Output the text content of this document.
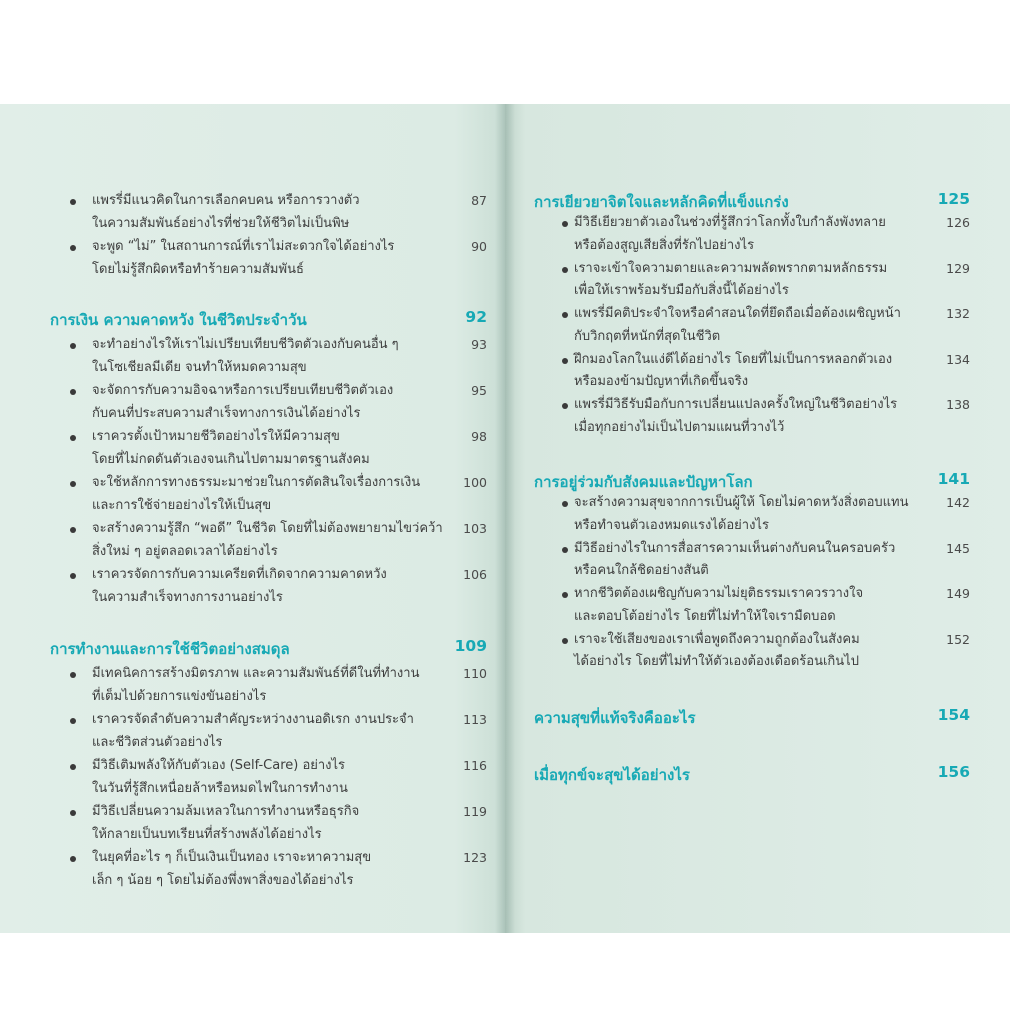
แพรรี่มีแนวคิดในการเลือกคบคน หรือการวางตัว
ในความสัมพันธ์อย่างไรที่ช่วยให้ชีวิตไม่เป็นพิษ
87
จะพูด “ไม่” ในสถานการณ์ที่เราไม่สะดวกใจได้อย่างไร
โดยไม่รู้สึกผิดหรือทำร้ายความสัมพันธ์
90
การเงิน ความคาดหวัง ในชีวิตประจำวัน	92
จะทำอย่างไรให้เราไม่เปรียบเทียบชีวิตตัวเองกับคนอื่น ๆ
ในโซเชียลมีเดีย จนทำให้หมดความสุข
93
จะจัดการกับความอิจฉาหรือการเปรียบเทียบชีวิตตัวเอง
กับคนที่ประสบความสำเร็จทางการเงินได้อย่างไร
95
เราควรตั้งเป้าหมายชีวิตอย่างไรให้มีความสุข
โดยที่ไม่กดดันตัวเองจนเกินไปตามมาตรฐานสังคม
98
จะใช้หลักการทางธรรมะมาช่วยในการตัดสินใจเรื่องการเงิน
และการใช้จ่ายอย่างไรให้เป็นสุข
100
จะสร้างความรู้สึก “พอดี” ในชีวิต โดยที่ไม่ต้องพยายามไขว่คว้า
สิ่งใหม่ ๆ อยู่ตลอดเวลาได้อย่างไร
103
เราควรจัดการกับความเครียดที่เกิดจากความคาดหวัง
ในความสำเร็จทางการงานอย่างไร
106
การทำงานและการใช้ชีวิตอย่างสมดุล	109
มีเทคนิคการสร้างมิตรภาพ และความสัมพันธ์ที่ดีในที่ทำงาน
ที่เต็มไปด้วยการแข่งขันอย่างไร
110
เราควรจัดลำดับความสำคัญระหว่างงานอดิเรก งานประจำ
และชีวิตส่วนตัวอย่างไร
113
มีวิธีเติมพลังให้กับตัวเอง (Self-Care) อย่างไร
ในวันที่รู้สึกเหนื่อยล้าหรือหมดไฟในการทำงาน
116
มีวิธีเปลี่ยนความล้มเหลวในการทำงานหรือธุรกิจ
ให้กลายเป็นบทเรียนที่สร้างพลังได้อย่างไร
119
ในยุคที่อะไร ๆ ก็เป็นเงินเป็นทอง เราจะหาความสุข
เล็ก ๆ น้อย ๆ โดยไม่ต้องพึ่งพาสิ่งของได้อย่างไร
123
การเยียวยาจิตใจและหลักคิดที่แข็งแกร่ง	125
มีวิธีเยียวยาตัวเองในช่วงที่รู้สึกว่าโลกทั้งใบกำลังพังทลาย
หรือต้องสูญเสียสิ่งที่รักไปอย่างไร
126
เราจะเข้าใจความตายและความพลัดพรากตามหลักธรรม
เพื่อให้เราพร้อมรับมือกับสิ่งนี้ได้อย่างไร
129
แพรรี่มีคติประจำใจหรือคำสอนใดที่ยึดถือเมื่อต้องเผชิญหน้า
กับวิกฤตที่หนักที่สุดในชีวิต
132
ฝึกมองโลกในแง่ดีได้อย่างไร โดยที่ไม่เป็นการหลอกตัวเอง
หรือมองข้ามปัญหาที่เกิดขึ้นจริง
134
แพรรี่มีวิธีรับมือกับการเปลี่ยนแปลงครั้งใหญ่ในชีวิตอย่างไร
เมื่อทุกอย่างไม่เป็นไปตามแผนที่วางไว้
138
การอยู่ร่วมกับสังคมและปัญหาโลก	141
จะสร้างความสุขจากการเป็นผู้ให้ โดยไม่คาดหวังสิ่งตอบแทน
หรือทำจนตัวเองหมดแรงได้อย่างไร
142
มีวิธีอย่างไรในการสื่อสารความเห็นต่างกับคนในครอบครัว
หรือคนใกล้ชิดอย่างสันติ
145
หากชีวิตต้องเผชิญกับความไม่ยุติธรรมเราควรวางใจ
และตอบโต้อย่างไร โดยที่ไม่ทำให้ใจเรามืดบอด
149
เราจะใช้เสียงของเราเพื่อพูดถึงความถูกต้องในสังคม
ได้อย่างไร โดยที่ไม่ทำให้ตัวเองต้องเดือดร้อนเกินไป
152
ความสุขที่แท้จริงคืออะไร	154
เมื่อทุกข์จะสุขได้อย่างไร	156
